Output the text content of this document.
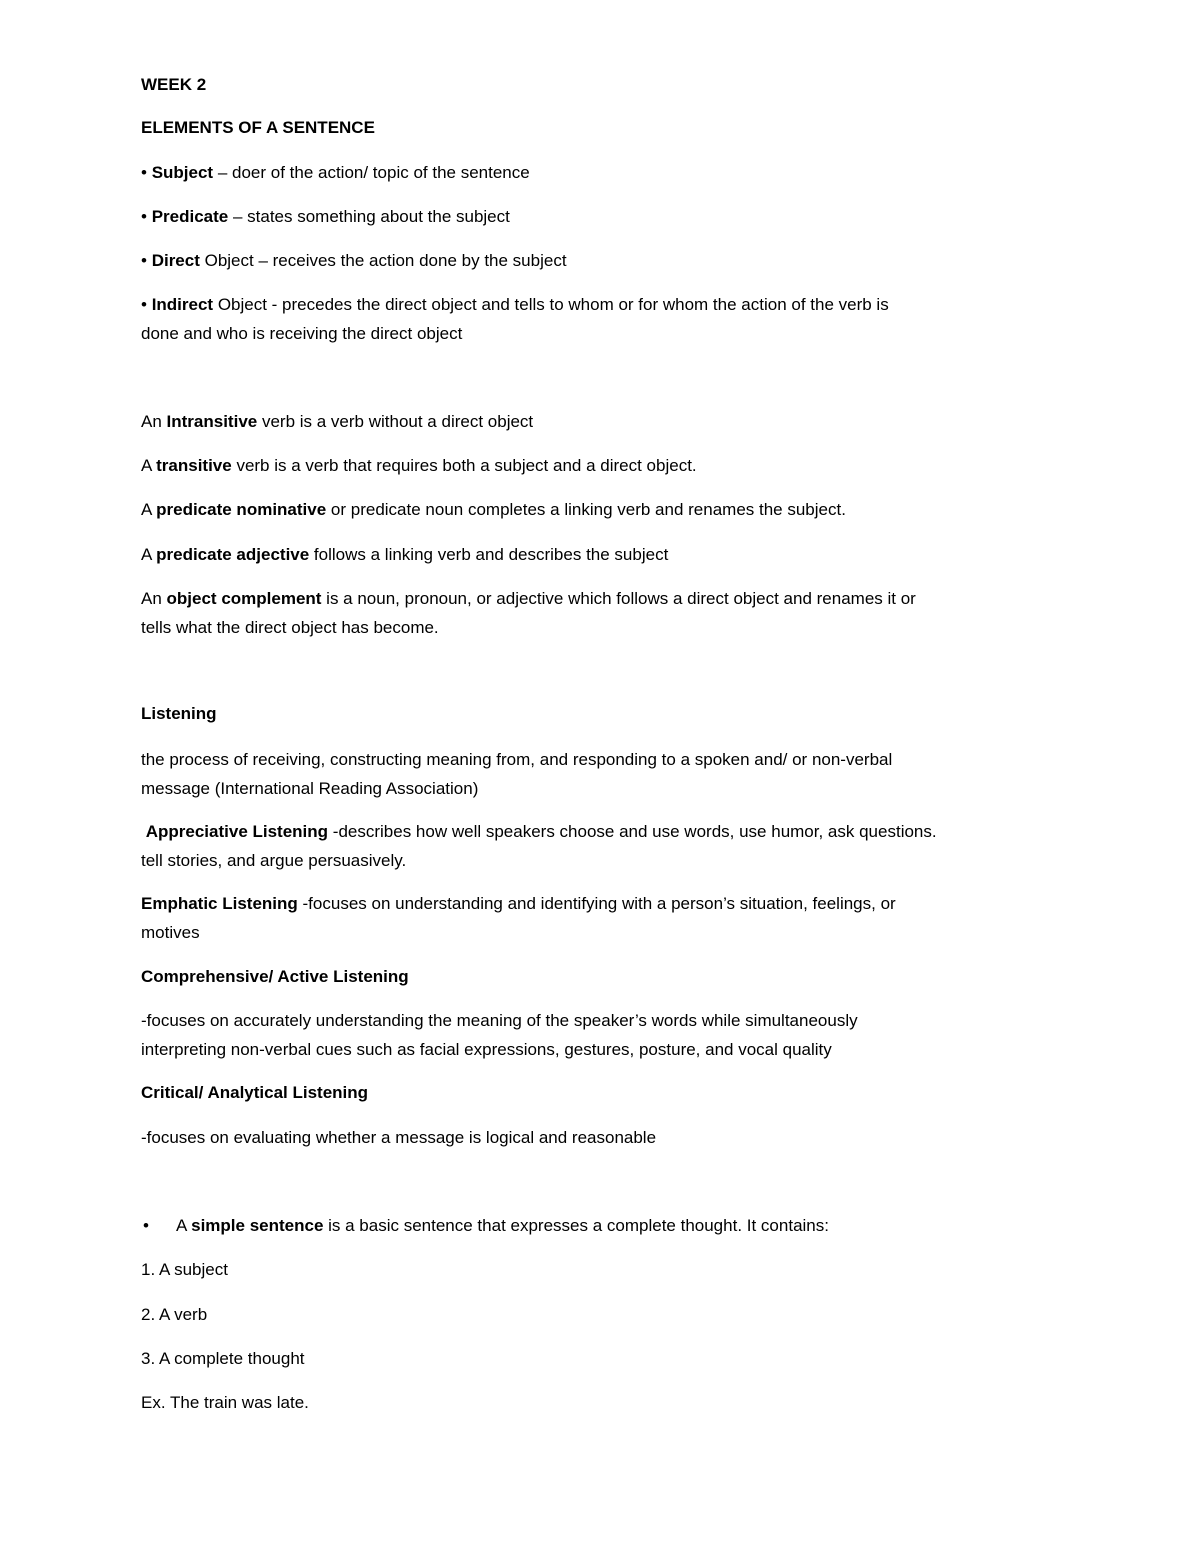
WEEK 2
ELEMENTS OF A SENTENCE
• Subject – doer of the action/ topic of the sentence
• Predicate – states something about the subject
• Direct Object – receives the action done by the subject
• Indirect Object - precedes the direct object and tells to whom or for whom the action of the verb is
done and who is receiving the direct object
An Intransitive verb is a verb without a direct object
A transitive verb is a verb that requires both a subject and a direct object.
A predicate nominative or predicate noun completes a linking verb and renames the subject.
A predicate adjective follows a linking verb and describes the subject
An object complement is a noun, pronoun, or adjective which follows a direct object and renames it or
tells what the direct object has become.
Listening
the process of receiving, constructing meaning from, and responding to a spoken and/ or non-verbal
message (International Reading Association)
Appreciative Listening -describes how well speakers choose and use words, use humor, ask questions.
tell stories, and argue persuasively.
Emphatic Listening -focuses on understanding and identifying with a person’s situation, feelings, or
motives
Comprehensive/ Active Listening
-focuses on accurately understanding the meaning of the speaker’s words while simultaneously
interpreting non-verbal cues such as facial expressions, gestures, posture, and vocal quality
Critical/ Analytical Listening
-focuses on evaluating whether a message is logical and reasonable
• A simple sentence is a basic sentence that expresses a complete thought. It contains:
1. A subject
2. A verb
3. A complete thought
Ex. The train was late.
